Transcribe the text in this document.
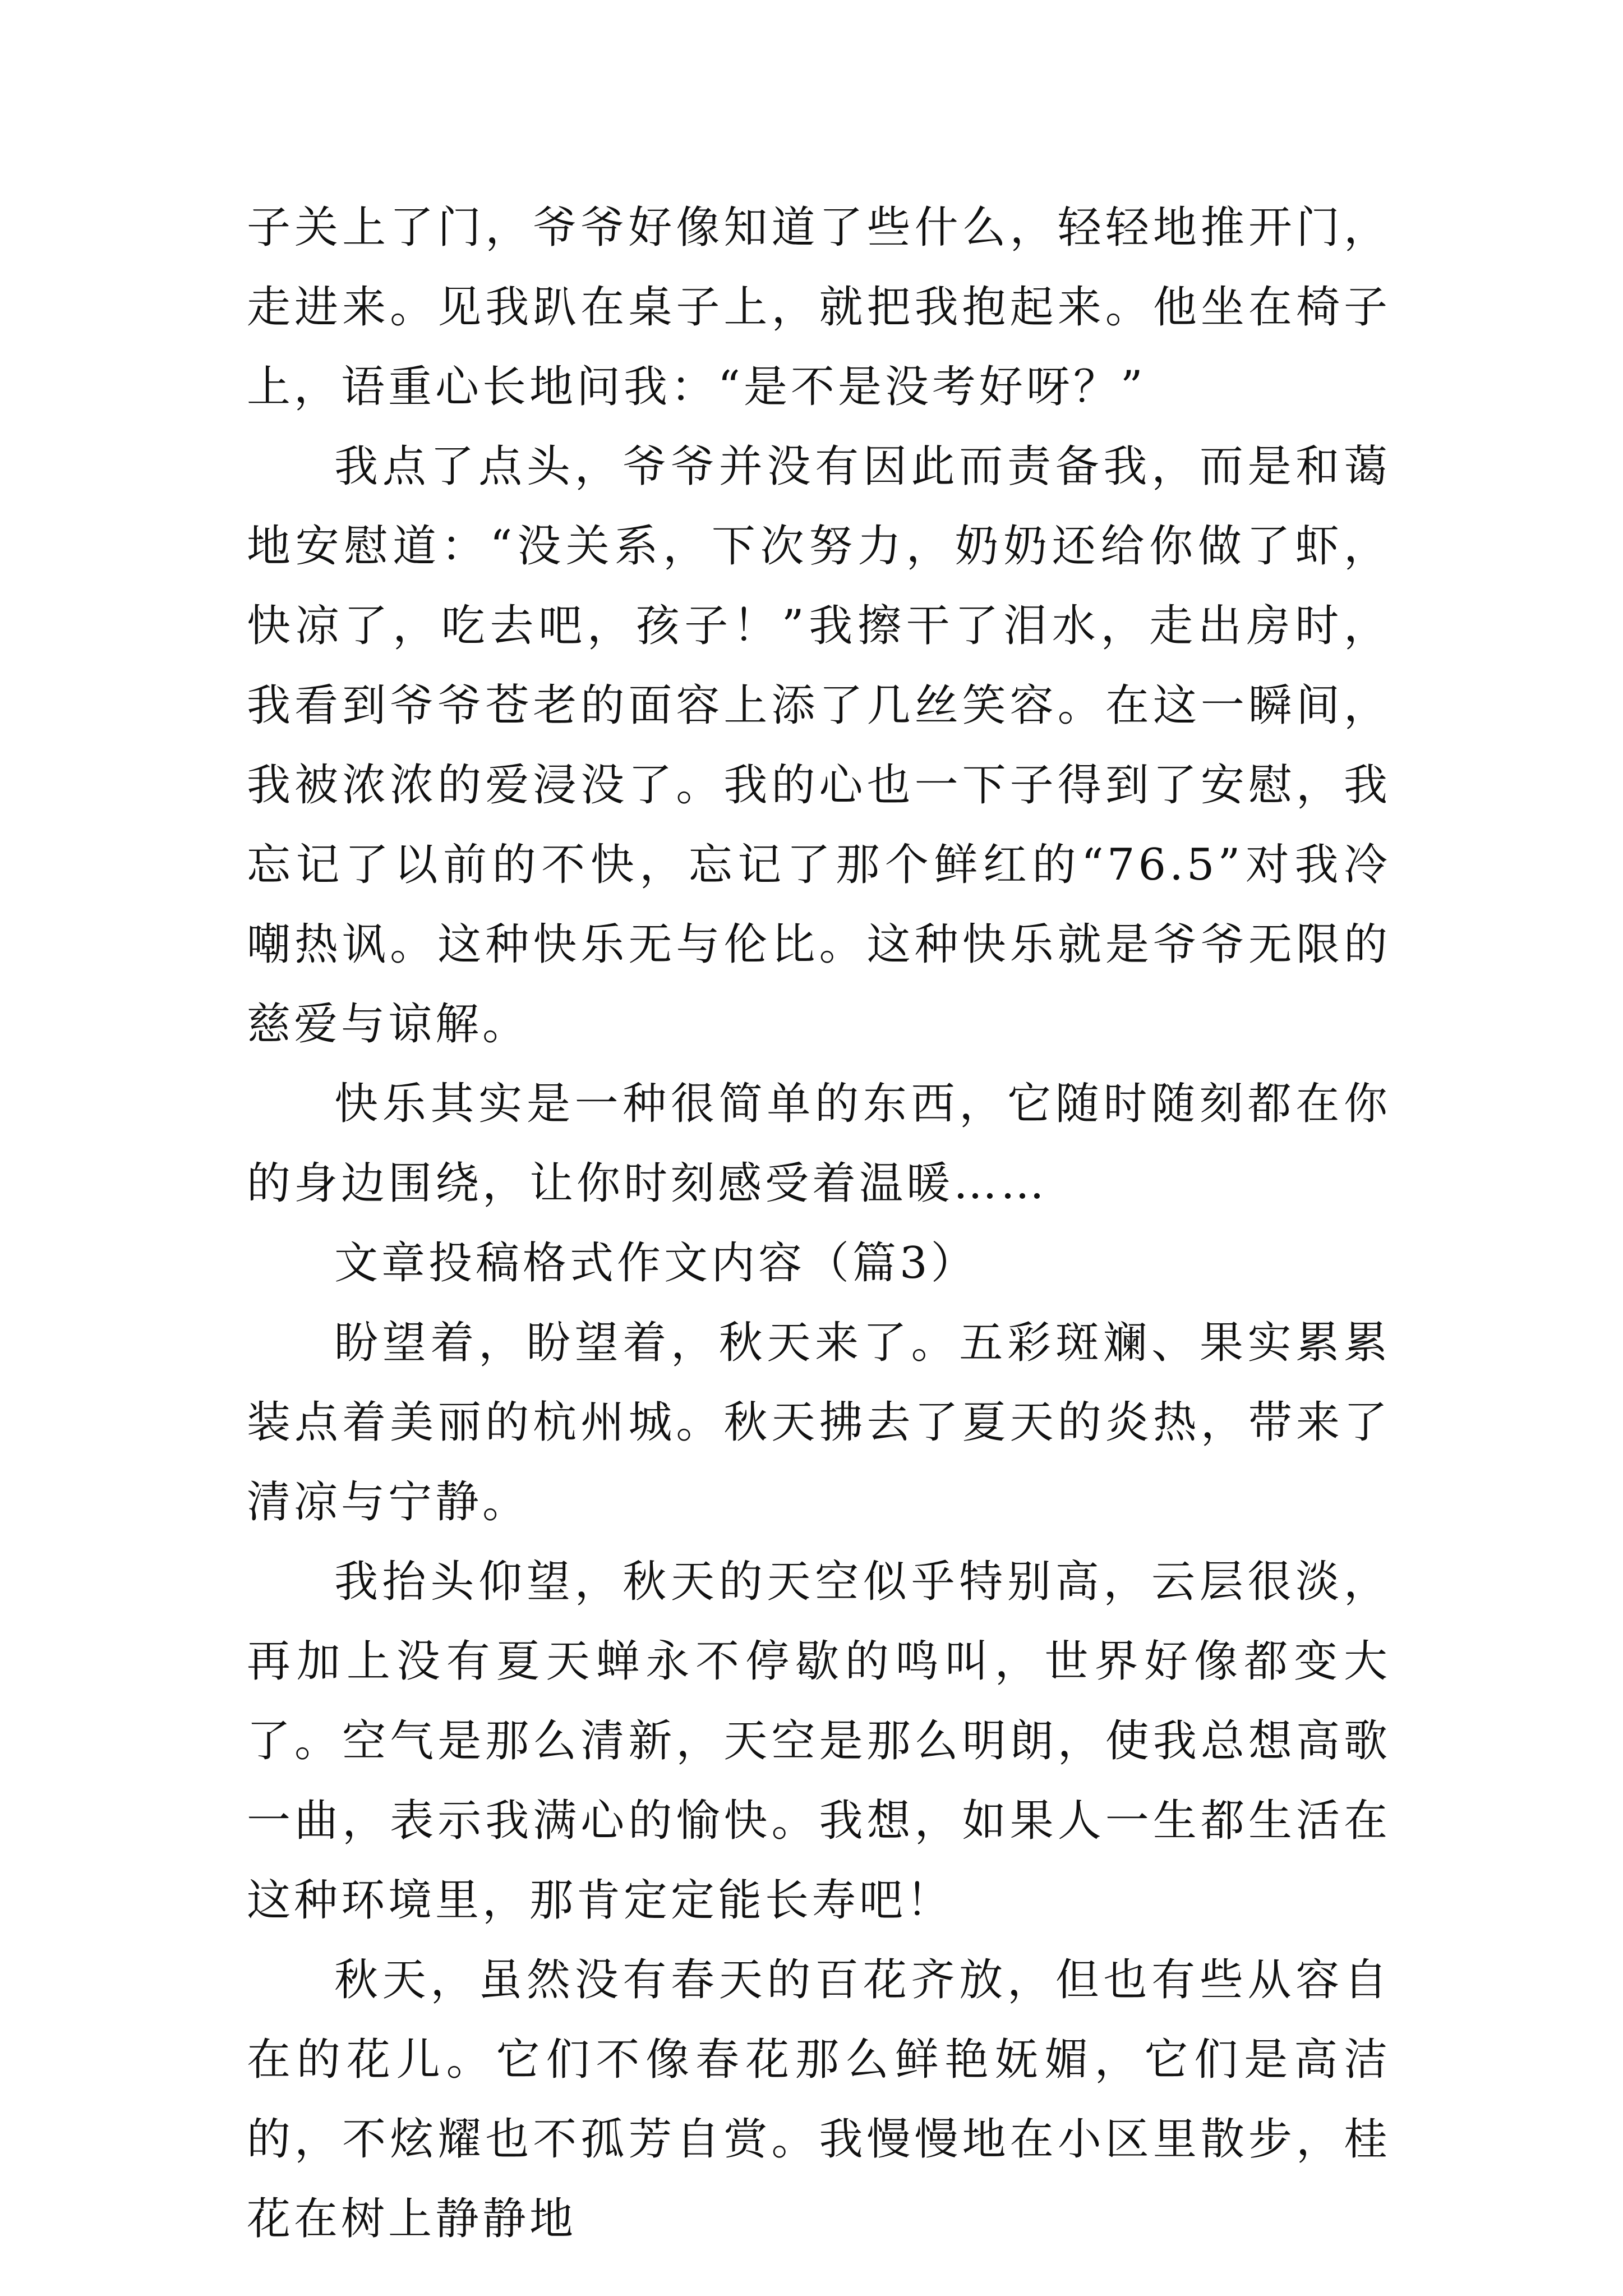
子关上了门，爷爷好像知道了些什么，轻轻地推开门，走进来。见我趴在桌子上，就把我抱起来。他坐在椅子上，语重心长地问我：“是不是没考好呀？”

我点了点头，爷爷并没有因此而责备我，而是和蔼地安慰道：“没关系，下次努力，奶奶还给你做了虾，快凉了，吃去吧，孩子！”我擦干了泪水，走出房时，我看到爷爷苍老的面容上添了几丝笑容。在这一瞬间，我被浓浓的爱浸没了。我的心也一下子得到了安慰，我忘记了以前的不快，忘记了那个鲜红的“76.5”对我冷嘲热讽。这种快乐无与伦比。这种快乐就是爷爷无限的慈爱与谅解。

快乐其实是一种很简单的东西，它随时随刻都在你的身边围绕，让你时刻感受着温暖……

文章投稿格式作文内容（篇3）

盼望着，盼望着，秋天来了。五彩斑斓、果实累累装点着美丽的杭州城。秋天拂去了夏天的炎热，带来了清凉与宁静。

我抬头仰望，秋天的天空似乎特别高，云层很淡，再加上没有夏天蝉永不停歇的鸣叫，世界好像都变大了。空气是那么清新，天空是那么明朗，使我总想高歌一曲，表示我满心的愉快。我想，如果人一生都生活在这种环境里，那肯定定能长寿吧！

秋天，虽然没有春天的百花齐放，但也有些从容自在的花儿。它们不像春花那么鲜艳妩媚，它们是高洁的，不炫耀也不孤芳自赏。我慢慢地在小区里散步，桂花在树上静静地
